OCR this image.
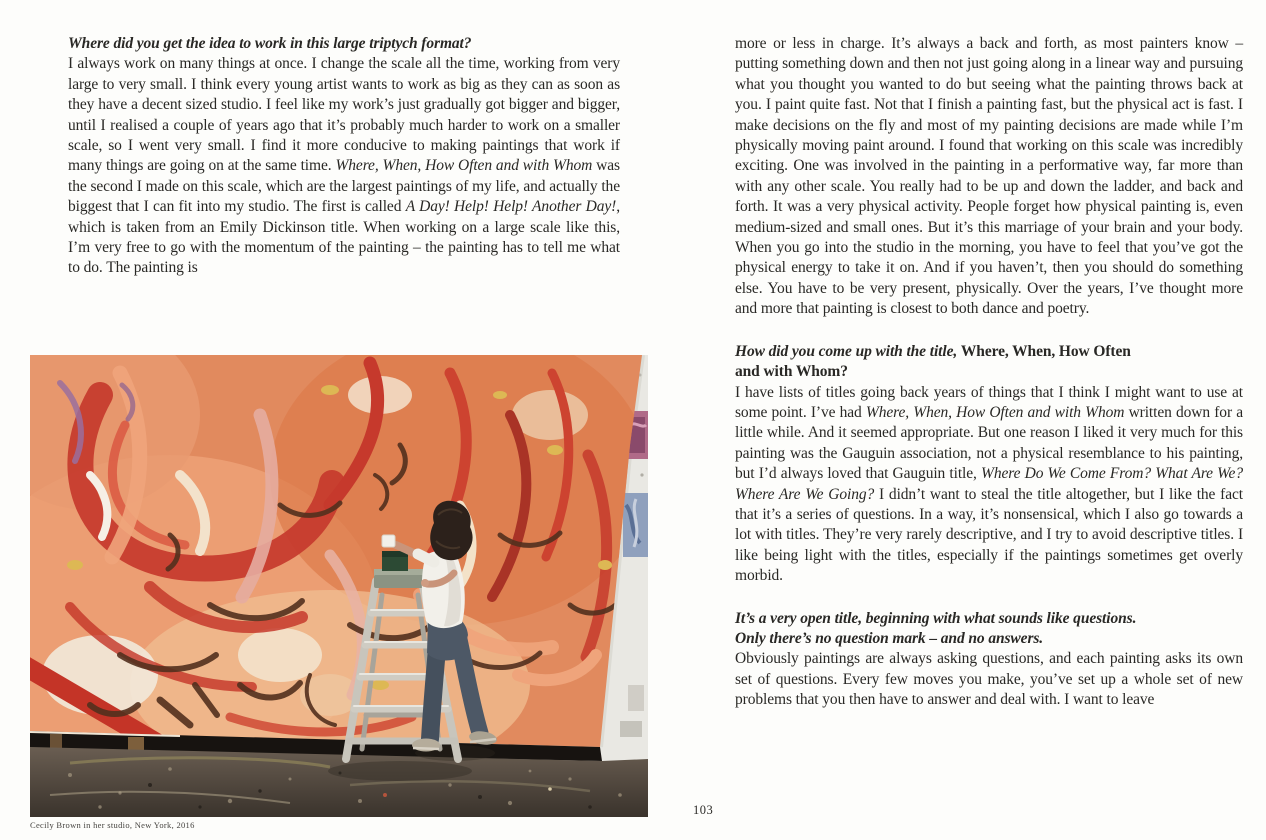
Where did you get the idea to work in this large triptych format?

I always work on many things at once. I change the scale all the time, working from very large to very small. I think every young artist wants to work as big as they can as soon as they have a decent sized studio. I feel like my work’s just gradually got bigger and bigger, until I realised a couple of years ago that it’s probably much harder to work on a smaller scale, so I went very small. I find it more conducive to making paintings that work if many things are going on at the same time. Where, When, How Often and with Whom was the second I made on this scale, which are the largest paintings of my life, and actually the biggest that I can fit into my studio. The first is called A Day! Help! Help! Another Day!, which is taken from an Emily Dickinson title. When working on a large scale like this, I’m very free to go with the momentum of the painting – the painting has to tell me what to do. The painting is

Cecily Brown in her studio, New York, 2016

more or less in charge. It’s always a back and forth, as most painters know – putting something down and then not just going along in a linear way and pursuing what you thought you wanted to do but seeing what the painting throws back at you. I paint quite fast. Not that I finish a painting fast, but the physical act is fast. I make decisions on the fly and most of my painting decisions are made while I’m physically moving paint around. I found that working on this scale was incredibly exciting. One was involved in the painting in a performative way, far more than with any other scale. You really had to be up and down the ladder, and back and forth. It was a very physical activity. People forget how physical painting is, even medium-sized and small ones. But it’s this marriage of your brain and your body. When you go into the studio in the morning, you have to feel that you’ve got the physical energy to take it on. And if you haven’t, then you should do something else. You have to be very present, physically. Over the years, I’ve thought more and more that painting is closest to both dance and poetry.

How did you come up with the title, Where, When, How Often
and with Whom?

I have lists of titles going back years of things that I think I might want to use at some point. I’ve had Where, When, How Often and with Whom written down for a little while. And it seemed appropriate. But one reason I liked it very much for this painting was the Gauguin association, not a physical resemblance to his painting, but I’d always loved that Gauguin title, Where Do We Come From? What Are We? Where Are We Going? I didn’t want to steal the title altogether, but I like the fact that it’s a series of questions. In a way, it’s nonsensical, which I also go towards a lot with titles. They’re very rarely descriptive, and I try to avoid descriptive titles. I like being light with the titles, especially if the paintings sometimes get overly morbid.

It’s a very open title, beginning with what sounds like questions.
Only there’s no question mark – and no answers.

Obviously paintings are always asking questions, and each painting asks its own set of questions. Every few moves you make, you’ve set up a whole set of new problems that you then have to answer and deal with. I want to leave

103
